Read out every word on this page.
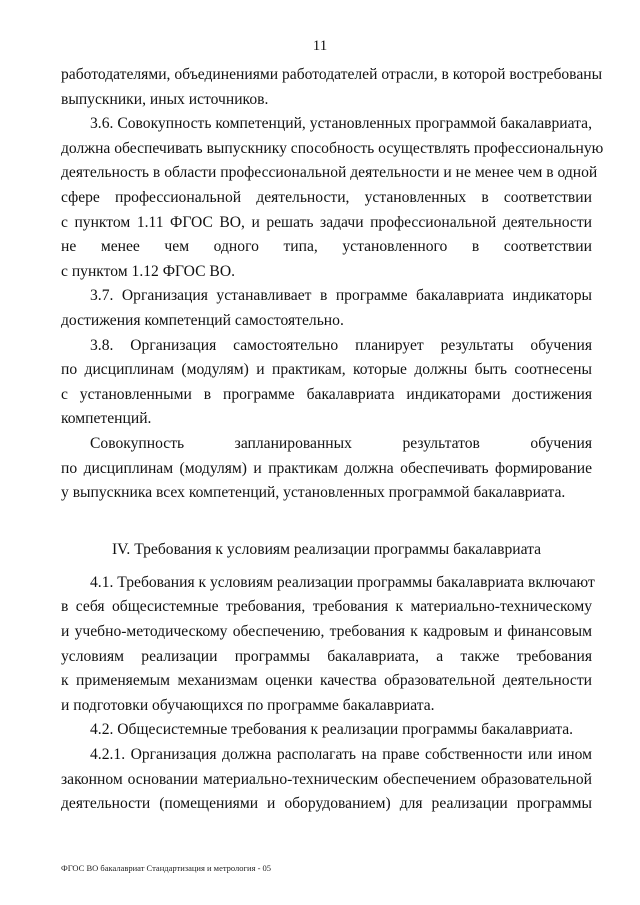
11
работодателями, объединениями работодателей отрасли, в которой востребованы
выпускники, иных источников.
3.6. Совокупность компетенций, установленных программой бакалавриата,
должна обеспечивать выпускнику способность осуществлять профессиональную
деятельность в области профессиональной деятельности и не менее чем в одной
сфере профессиональной деятельности, установленных в соответствии
с пунктом 1.11 ФГОС ВО, и решать задачи профессиональной деятельности
не менее чем одного типа, установленного в соответствии
с пунктом 1.12 ФГОС ВО.
3.7. Организация устанавливает в программе бакалавриата индикаторы
достижения компетенций самостоятельно.
3.8. Организация самостоятельно планирует результаты обучения
по дисциплинам (модулям) и практикам, которые должны быть соотнесены
с установленными в программе бакалавриата индикаторами достижения
компетенций.
Совокупность запланированных результатов обучения
по дисциплинам (модулям) и практикам должна обеспечивать формирование
у выпускника всех компетенций, установленных программой бакалавриата.
IV. Требования к условиям реализации программы бакалавриата
4.1. Требования к условиям реализации программы бакалавриата включают
в себя общесистемные требования, требования к материально-техническому
и учебно-методическому обеспечению, требования к кадровым и финансовым
условиям реализации программы бакалавриата, а также требования
к применяемым механизмам оценки качества образовательной деятельности
и подготовки обучающихся по программе бакалавриата.
4.2. Общесистемные требования к реализации программы бакалавриата.
4.2.1. Организация должна располагать на праве собственности или ином
законном основании материально-техническим обеспечением образовательной
деятельности (помещениями и оборудованием) для реализации программы
ФГОС ВО бакалавриат Стандартизация и метрология - 05
